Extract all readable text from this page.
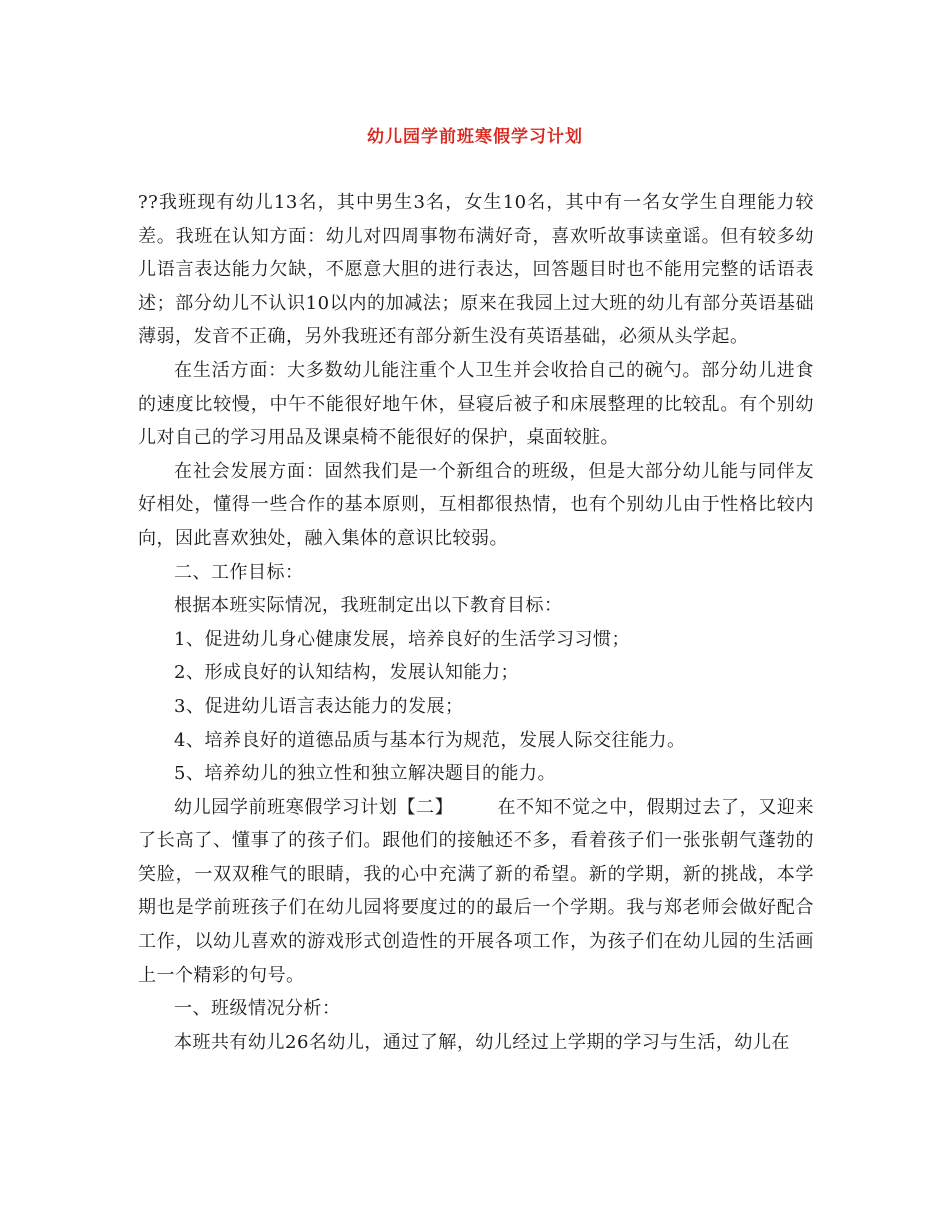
幼儿园学前班寒假学习计划

??我班现有幼儿13名，其中男生3名，女生10名，其中有一名女学生自理能力较差。我班在认知方面：幼儿对四周事物布满好奇，喜欢听故事读童谣。但有较多幼儿语言表达能力欠缺，不愿意大胆的进行表达，回答题目时也不能用完整的话语表述；部分幼儿不认识10以内的加减法；原来在我园上过大班的幼儿有部分英语基础薄弱，发音不正确，另外我班还有部分新生没有英语基础，必须从头学起。

在生活方面：大多数幼儿能注重个人卫生并会收拾自己的碗勺。部分幼儿进食的速度比较慢，中午不能很好地午休，昼寝后被子和床展整理的比较乱。有个别幼儿对自己的学习用品及课桌椅不能很好的保护，桌面较脏。

在社会发展方面：固然我们是一个新组合的班级，但是大部分幼儿能与同伴友好相处，懂得一些合作的基本原则，互相都很热情，也有个别幼儿由于性格比较内向，因此喜欢独处，融入集体的意识比较弱。

二、工作目标：

根据本班实际情况，我班制定出以下教育目标：

1、促进幼儿身心健康发展，培养良好的生活学习习惯；

2、形成良好的认知结构，发展认知能力；

3、促进幼儿语言表达能力的发展；

4、培养良好的道德品质与基本行为规范，发展人际交往能力。

5、培养幼儿的独立性和独立解决题目的能力。

幼儿园学前班寒假学习计划【二】 在不知不觉之中，假期过去了，又迎来了长高了、懂事了的孩子们。跟他们的接触还不多，看着孩子们一张张朝气蓬勃的笑脸，一双双稚气的眼睛，我的心中充满了新的希望。新的学期，新的挑战，本学期也是学前班孩子们在幼儿园将要度过的的最后一个学期。我与郑老师会做好配合工作，以幼儿喜欢的游戏形式创造性的开展各项工作，为孩子们在幼儿园的生活画上一个精彩的句号。

一、班级情况分析：

本班共有幼儿26名幼儿，通过了解，幼儿经过上学期的学习与生活，幼儿在
